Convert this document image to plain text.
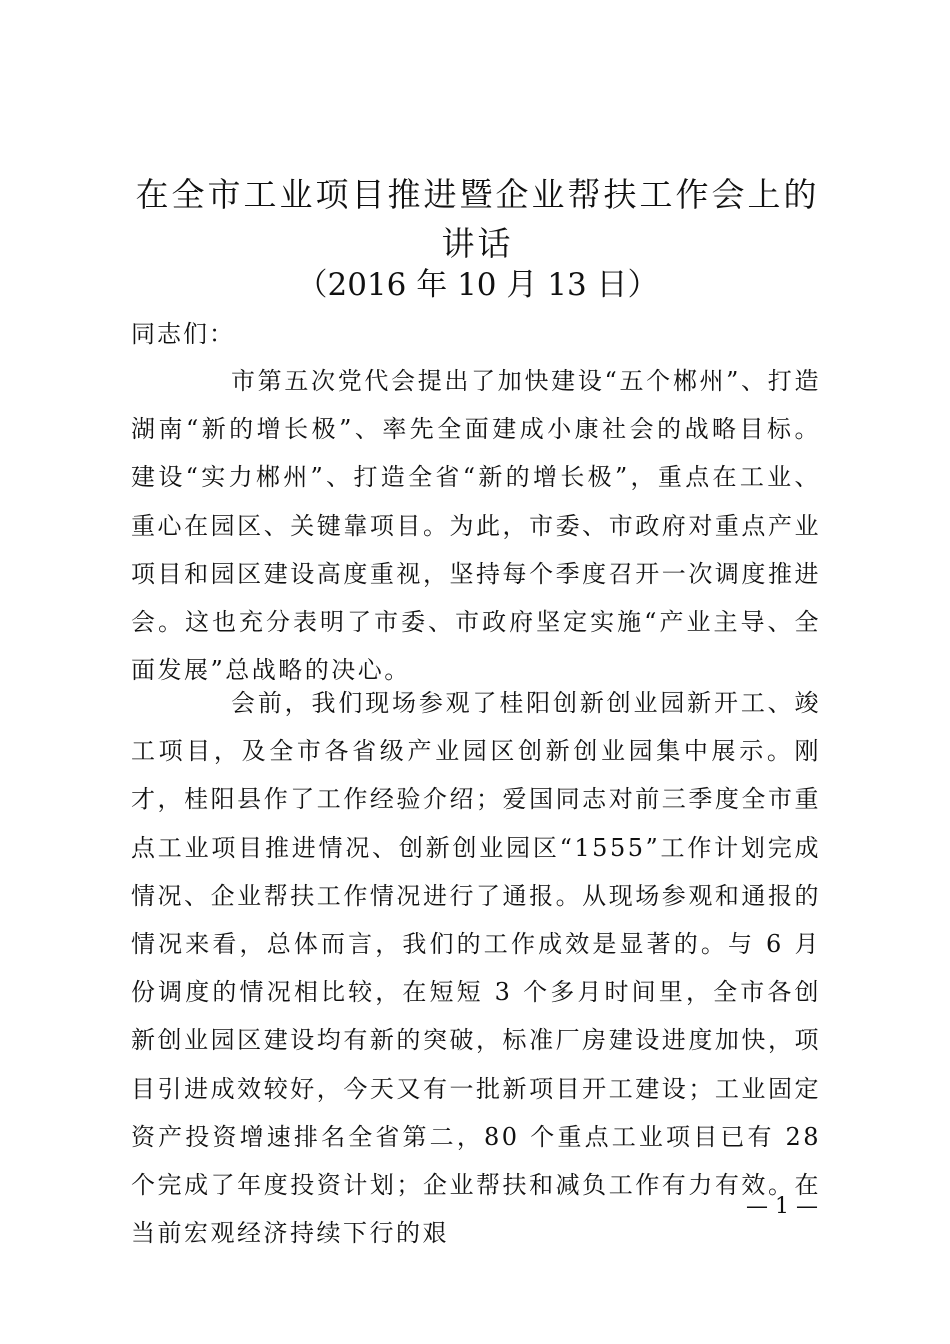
在全市工业项目推进暨企业帮扶工作会上的讲话

（2016 年 10 月 13 日）

同志们：

市第五次党代会提出了加快建设“五个郴州”、打造湖南“新的增长极”、率先全面建成小康社会的战略目标。建设“实力郴州”、打造全省“新的增长极”，重点在工业、重心在园区、关键靠项目。为此，市委、市政府对重点产业项目和园区建设高度重视，坚持每个季度召开一次调度推进会。这也充分表明了市委、市政府坚定实施“产业主导、全面发展”总战略的决心。

会前，我们现场参观了桂阳创新创业园新开工、竣工项目，及全市各省级产业园区创新创业园集中展示。刚才，桂阳县作了工作经验介绍；爱国同志对前三季度全市重点工业项目推进情况、创新创业园区“1555”工作计划完成情况、企业帮扶工作情况进行了通报。从现场参观和通报的情况来看，总体而言，我们的工作成效是显著的。与 6 月份调度的情况相比较，在短短 3 个多月时间里，全市各创新创业园区建设均有新的突破，标准厂房建设进度加快，项目引进成效较好，今天又有一批新项目开工建设；工业固定资产投资增速排名全省第二，80 个重点工业项目已有 28 个完成了年度投资计划；企业帮扶和减负工作有力有效。在当前宏观经济持续下行的艰

— 1 —
